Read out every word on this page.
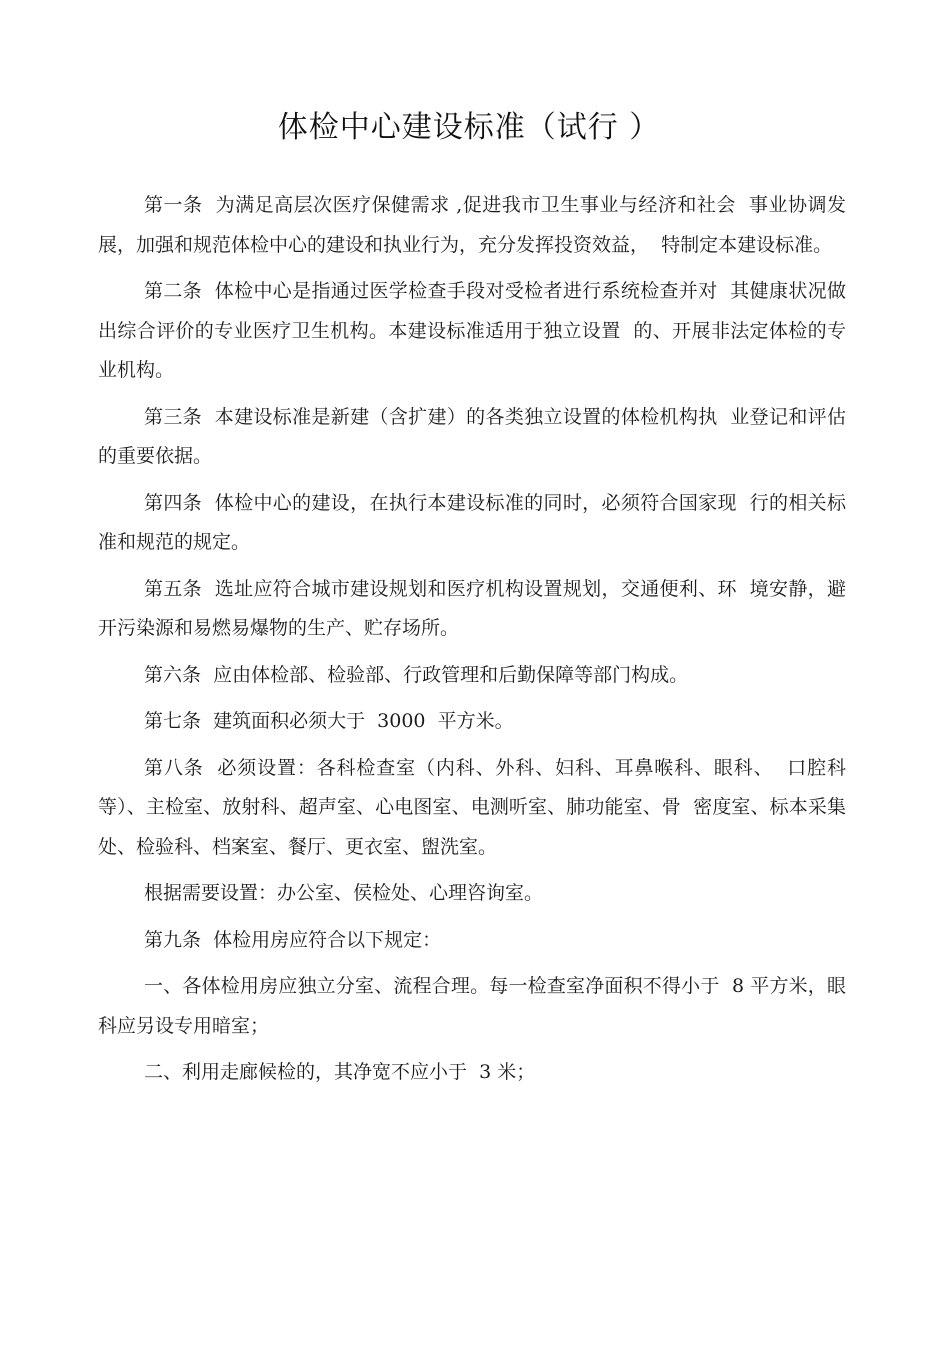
体检中心建设标准（试行 ）

第一条  为满足高层次医疗保健需求 ,促进我市卫生事业与经济和社会  事业协调发展，加强和规范体检中心的建设和执业行为，充分发挥投资效益，  特制定本建设标准。

第二条  体检中心是指通过医学检查手段对受检者进行系统检查并对  其健康状况做出综合评价的专业医疗卫生机构。本建设标准适用于独立设置  的、开展非法定体检的专业机构。

第三条  本建设标准是新建（含扩建）的各类独立设置的体检机构执  业登记和评估的重要依据。

第四条  体检中心的建设，在执行本建设标准的同时，必须符合国家现  行的相关标准和规范的规定。

第五条  选址应符合城市建设规划和医疗机构设置规划，交通便利、环  境安静，避开污染源和易燃易爆物的生产、贮存场所。

第六条  应由体检部、检验部、行政管理和后勤保障等部门构成。

第七条  建筑面积必须大于  3000  平方米。

第八条  必须设置：各科检查室（内科、外科、妇科、耳鼻喉科、眼科、  口腔科等）、主检室、放射科、超声室、心电图室、电测听室、肺功能室、骨  密度室、标本采集处、检验科、档案室、餐厅、更衣室、盥洗室。

根据需要设置：办公室、侯检处、心理咨询室。

第九条  体检用房应符合以下规定：

一、各体检用房应独立分室、流程合理。每一检查室净面积不得小于  8 平方米，眼科应另设专用暗室；

二、利用走廊候检的，其净宽不应小于  3 米；
